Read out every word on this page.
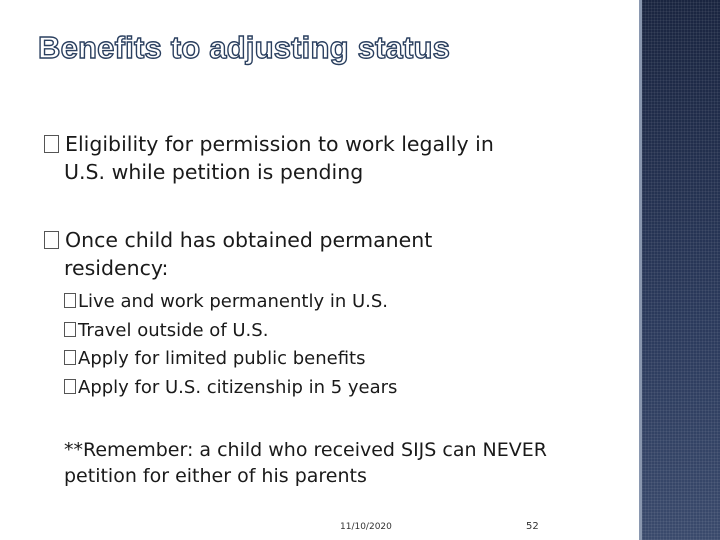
Benefits to adjusting status
Eligibility for permission to work legally in
U.S. while petition is pending
Once child has obtained permanent
residency:
Live and work permanently in U.S.
Travel outside of U.S.
Apply for limited public benefits
Apply for U.S. citizenship in 5 years
**Remember: a child who received SIJS can NEVER
petition for either of his parents
11/10/2020	52
